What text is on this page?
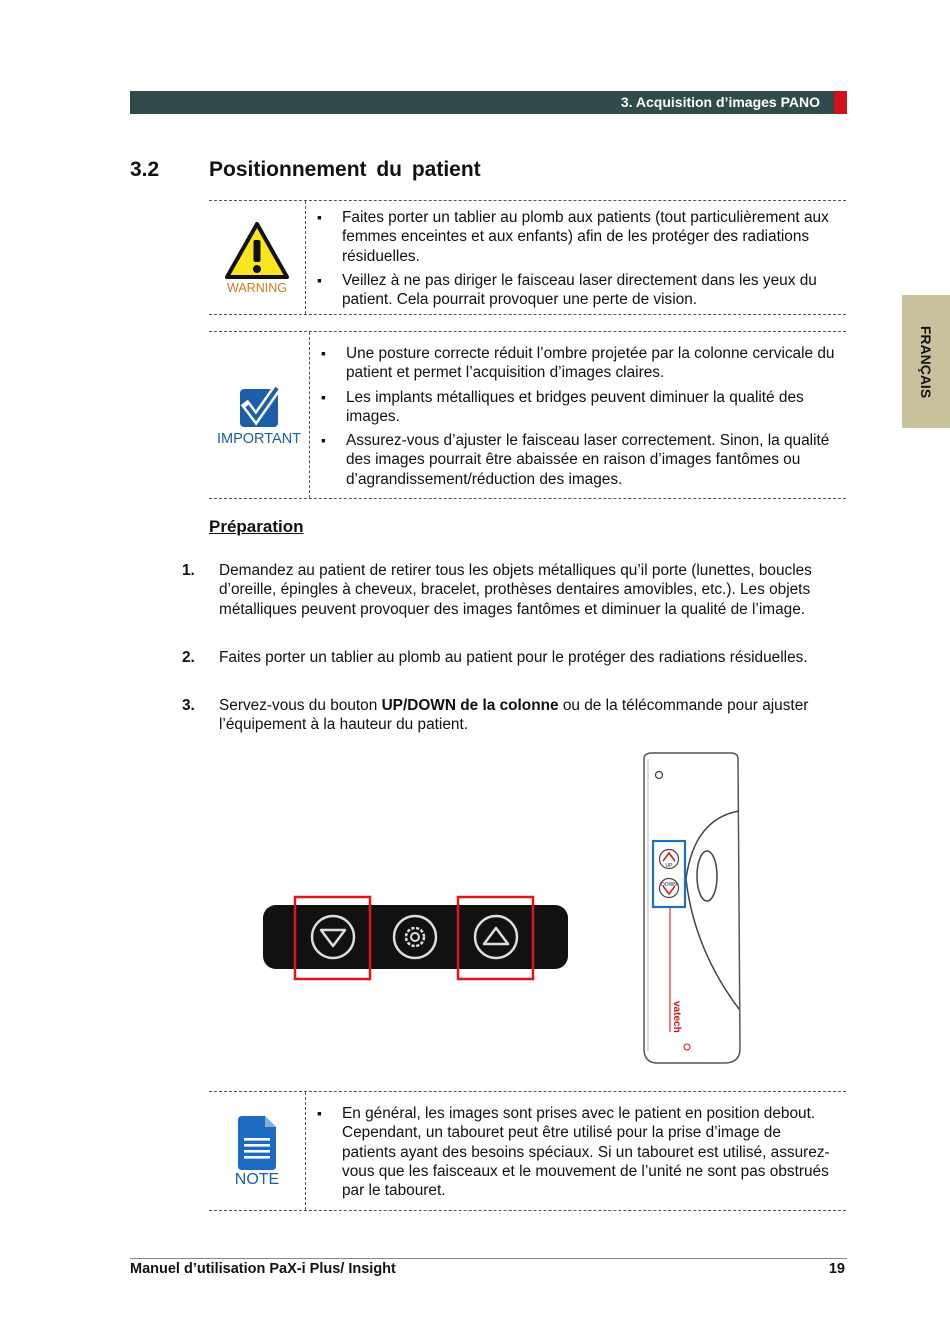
3. Acquisition d’images PANO
FRANÇAIS
3.2 Positionnement du patient
WARNING
▪ Faites porter un tablier au plomb aux patients (tout particulièrement aux femmes enceintes et aux enfants) afin de les protéger des radiations résiduelles.
▪ Veillez à ne pas diriger le faisceau laser directement dans les yeux du patient. Cela pourrait provoquer une perte de vision.
IMPORTANT
▪ Une posture correcte réduit l’ombre projetée par la colonne cervicale du patient et permet l’acquisition d’images claires.
▪ Les implants métalliques et bridges peuvent diminuer la qualité des images.
▪ Assurez-vous d’ajuster le faisceau laser correctement. Sinon, la qualité des images pourrait être abaissée en raison d’images fantômes ou d’agrandissement/réduction des images.
Préparation
1. Demandez au patient de retirer tous les objets métalliques qu’il porte (lunettes, boucles d’oreille, épingles à cheveux, bracelet, prothèses dentaires amovibles, etc.). Les objets métalliques peuvent provoquer des images fantômes et diminuer la qualité de l’image.
2. Faites porter un tablier au plomb au patient pour le protéger des radiations résiduelles.
3. Servez-vous du bouton UP/DOWN de la colonne ou de la télécommande pour ajuster l’équipement à la hauteur du patient.
UP
DOWN
vatech
NOTE
▪ En général, les images sont prises avec le patient en position debout. Cependant, un tabouret peut être utilisé pour la prise d’image de patients ayant des besoins spéciaux. Si un tabouret est utilisé, assurez-vous que les faisceaux et le mouvement de l’unité ne sont pas obstrués par le tabouret.
Manuel d’utilisation PaX-i Plus/ Insight	19
